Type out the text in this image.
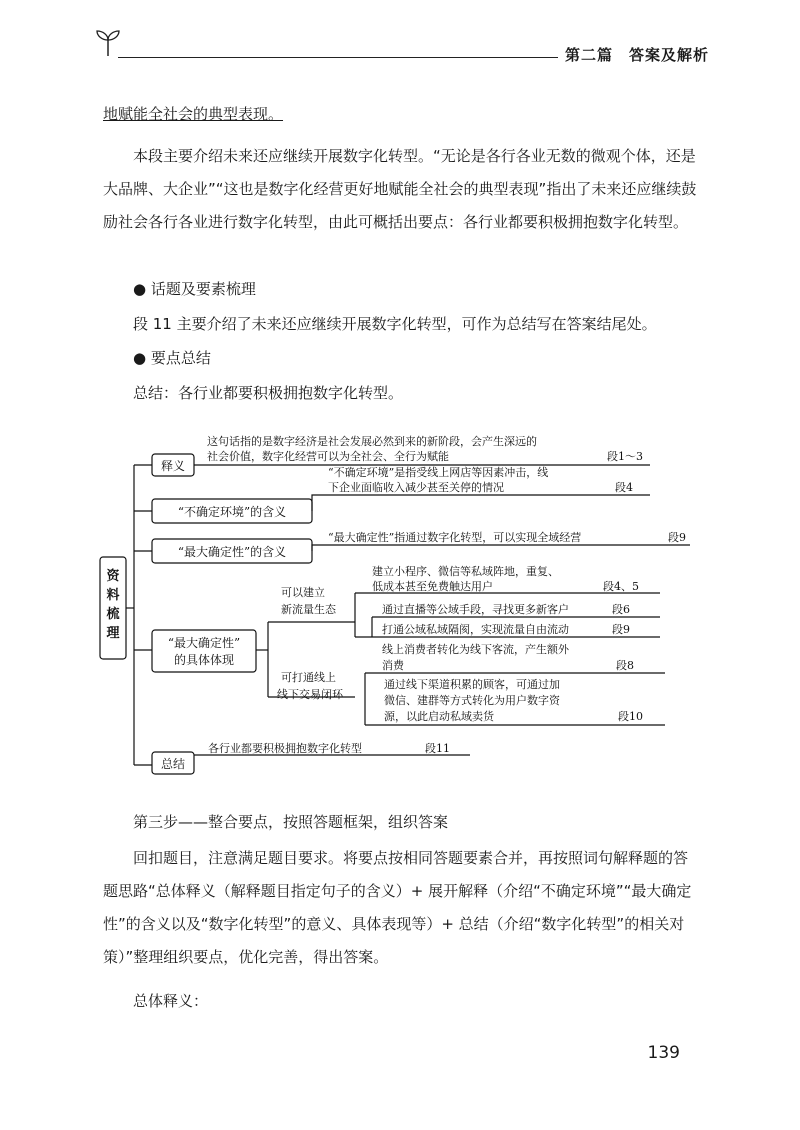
第二篇　答案及解析

地赋能全社会的典型表现。

本段主要介绍未来还应继续开展数字化转型。“无论是各行各业无数的微观个体，还是大品牌、大企业”“这也是数字化经营更好地赋能全社会的典型表现”指出了未来还应继续鼓励社会各行各业进行数字化转型，由此可概括出要点：各行业都要积极拥抱数字化转型。

● 话题及要素梳理
段 11 主要介绍了未来还应继续开展数字化转型，可作为总结写在答案结尾处。
● 要点总结
总结：各行业都要积极拥抱数字化转型。
资料梳理
释义
这句话指的是数字经济是社会发展必然到来的新阶段，会产生深远的
社会价值，数字化经营可以为全社会、全行为赋能	段1～3
“不确定环境”的含义
“不确定环境”是指受线上网店等因素冲击，线
下企业面临收入减少甚至关停的情况	段4
“最大确定性”的含义
“最大确定性”指通过数字化转型，可以实现全域经营	段9
“最大确定性”
的具体体现
可以建立
新流量生态
建立小程序、微信等私域阵地，重复、
低成本甚至免费触达用户	段4、5
通过直播等公域手段，寻找更多新客户	段6
打通公域私域隔阂，实现流量自由流动	段9
可打通线上
线下交易闭环
线上消费者转化为线下客流，产生额外
消费	段8
通过线下渠道积累的顾客，可通过加
微信、建群等方式转化为用户数字资
源，以此启动私域卖货	段10
总结
各行业都要积极拥抱数字化转型	段11
第三步——整合要点，按照答题框架，组织答案

回扣题目，注意满足题目要求。将要点按相同答题要素合并，再按照词句解释题的答题思路“总体释义（解释题目指定句子的含义）+ 展开解释（介绍“不确定环境”“最大确定性”的含义以及“数字化转型”的意义、具体表现等）+ 总结（介绍“数字化转型”的相关对策）”整理组织要点，优化完善，得出答案。

总体释义：
139
